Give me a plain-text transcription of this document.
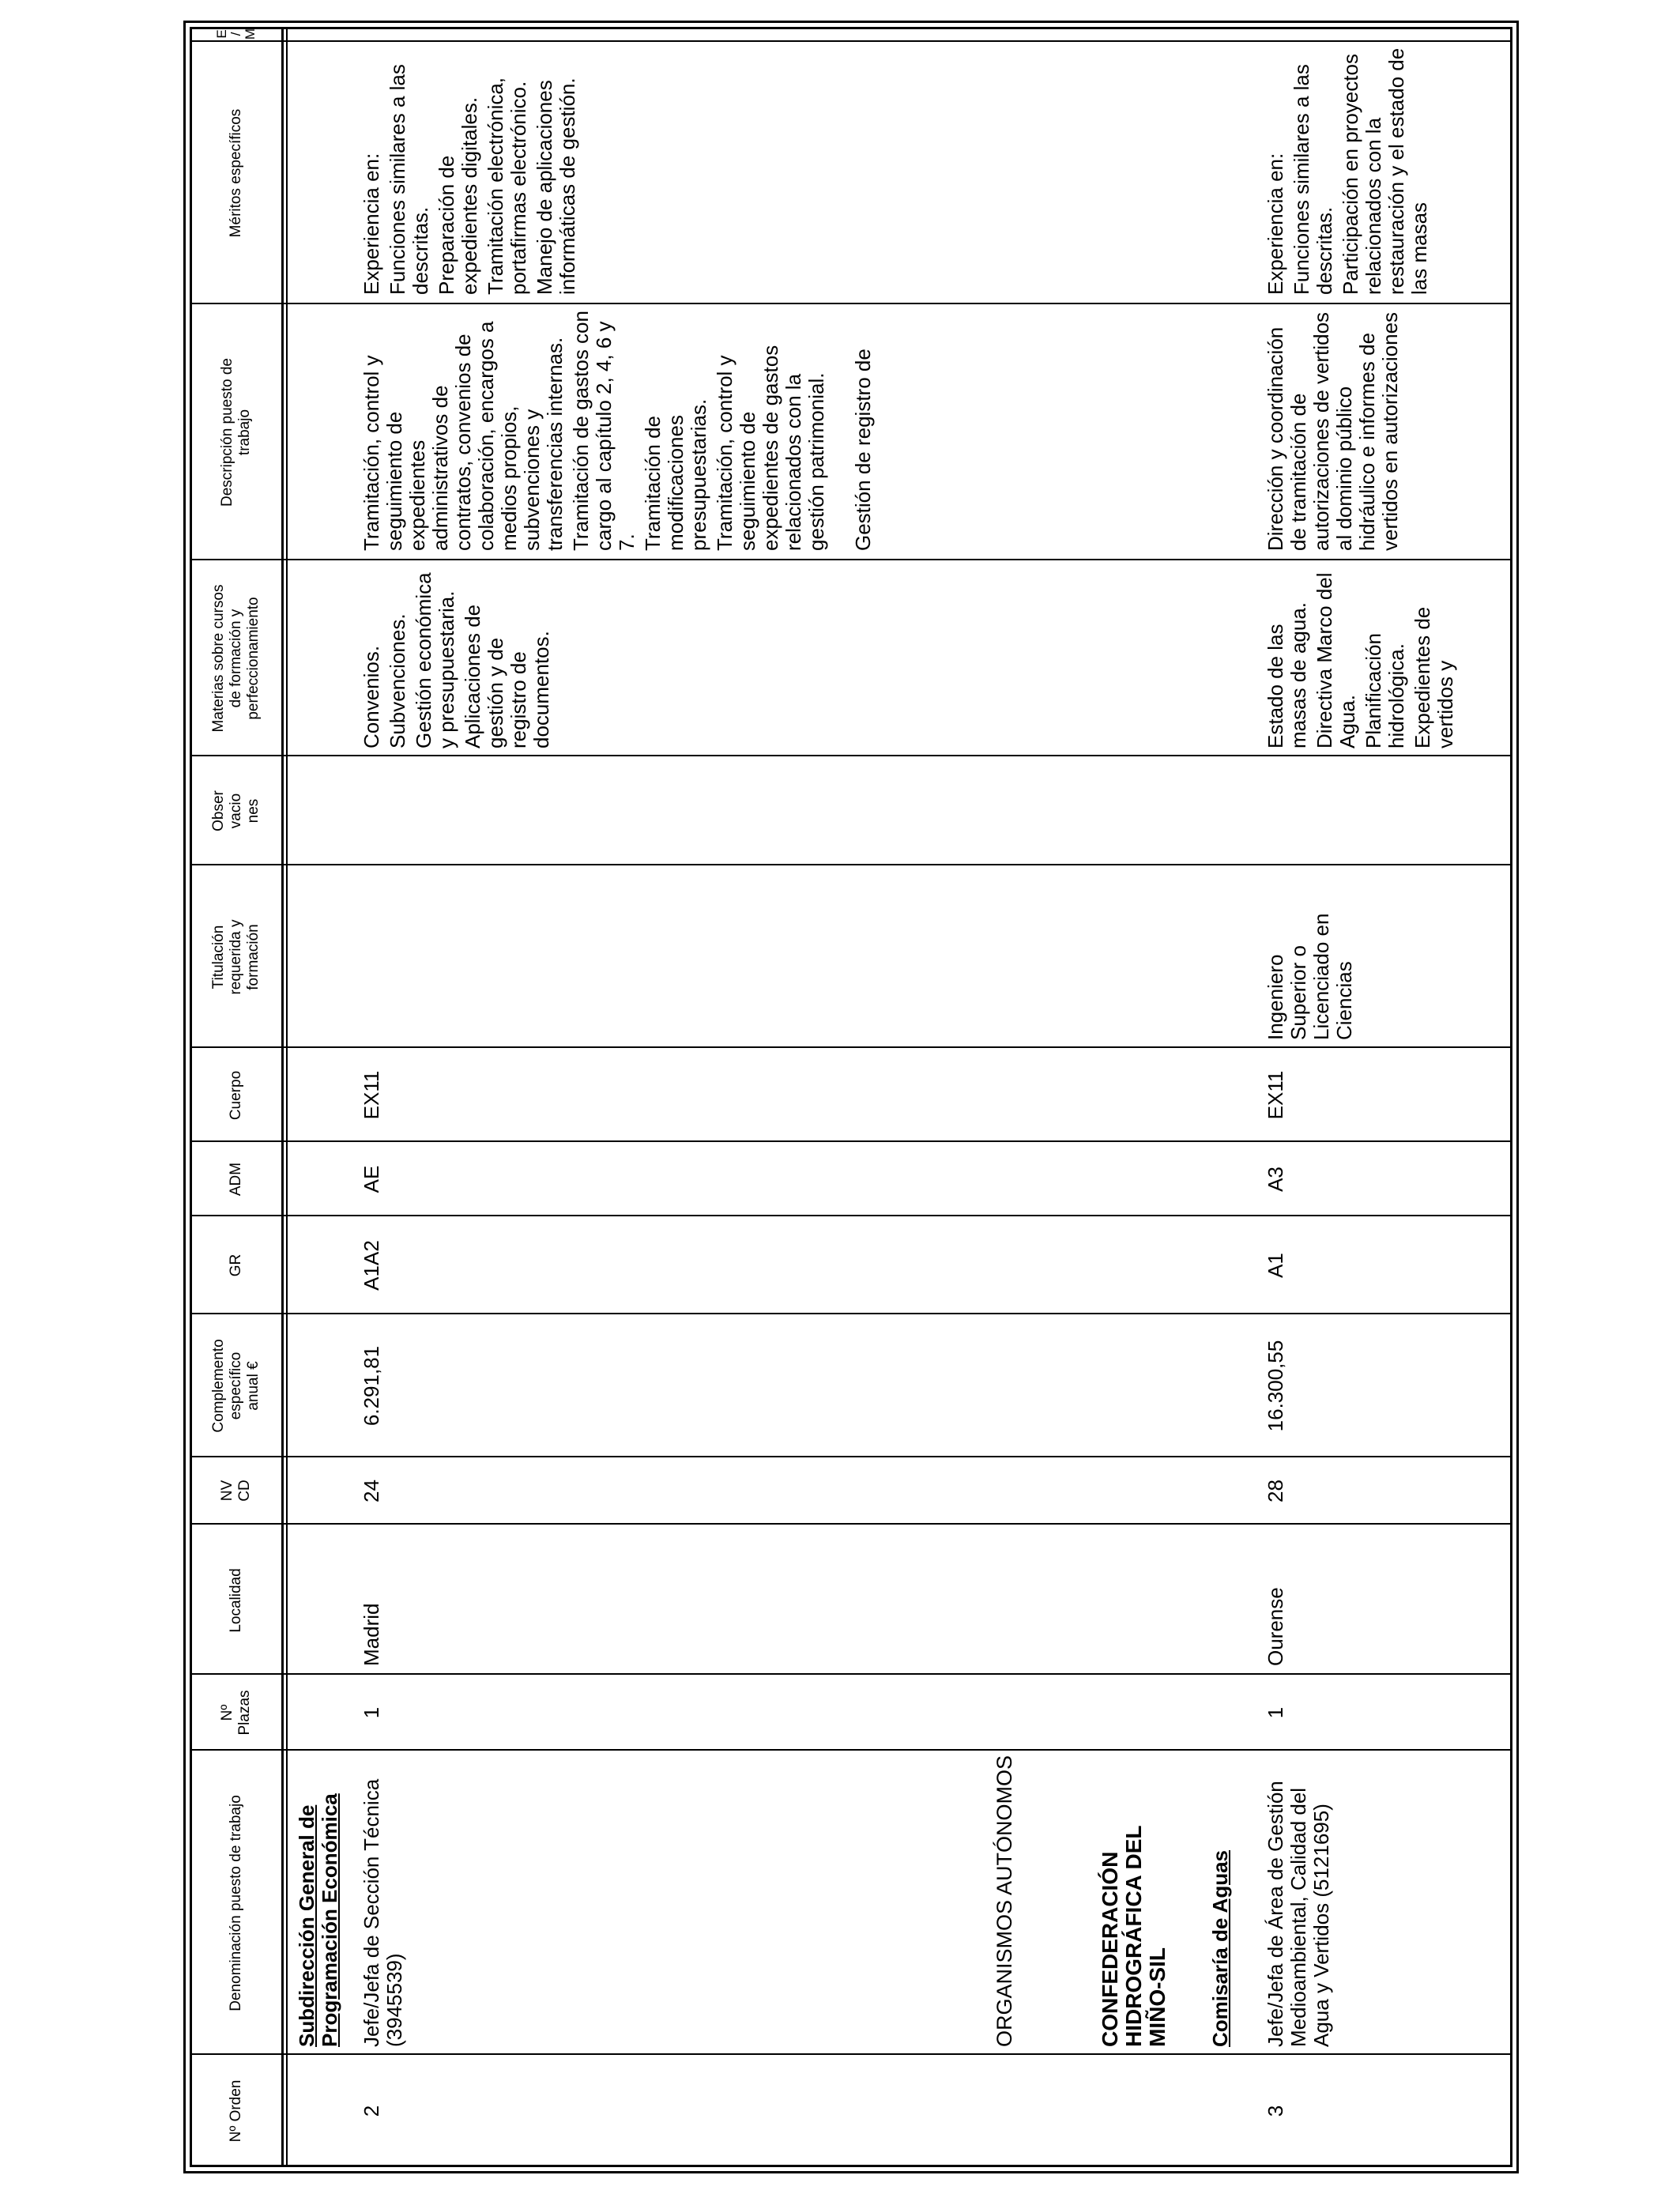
Nº Orden
Denominación puesto de trabajo
Nº Plazas
Localidad
NV CD
Complemento específico anual €
GR
ADM
Cuerpo
Titulación requerida y formación
Obser vacio nes
Materias sobre cursos de formación y perfeccionamiento
Descripción puesto de trabajo
Méritos específicos
E / M
Subdirección General de Programación Económica
2
Jefe/Jefa de Sección Técnica (3945539)
1
Madrid
24
6.291,81
A1A2
AE
EX11

Convenios. Subvenciones. Gestión económica y presupuestaria. Aplicaciones de gestión y de registro de documentos.

Tramitación, control y seguimiento de expedientes administrativos de contratos, convenios de colaboración, encargos a medios propios, subvenciones y transferencias internas. Tramitación de gastos con cargo al capítulo 2, 4, 6 y 7. Tramitación de modificaciones presupuestarias. Tramitación, control y seguimiento de expedientes de gastos relacionados con la gestión patrimonial. Gestión de registro de

Experiencia en: Funciones similares a las descritas. Preparación de expedientes digitales. Tramitación electrónica, portafirmas electrónico. Manejo de aplicaciones informáticas de gestión.

ORGANISMOS AUTÓNOMOS	CONFEDERACIÓN HIDROGRÁFICA DEL MIÑO-SIL Comisaría de Aguas
3
Jefe/Jefa de Área de Gestión Medioambiental, Calidad del Agua y Vertidos (5121695)
1
Ourense
28
16.300,55
A1
A3
EX11
Ingeniero Superior o Licenciado en Ciencias

Estado de las masas de agua. Directiva Marco del Agua. Planificación hidrológica. Expedientes de vertidos y

Dirección y coordinación de tramitación de autorizaciones de vertidos al dominio público hidráulico e informes de vertidos en autorizaciones

Experiencia en: Funciones similares a las descritas. Participación en proyectos relacionados con la restauración y el estado de las masas
